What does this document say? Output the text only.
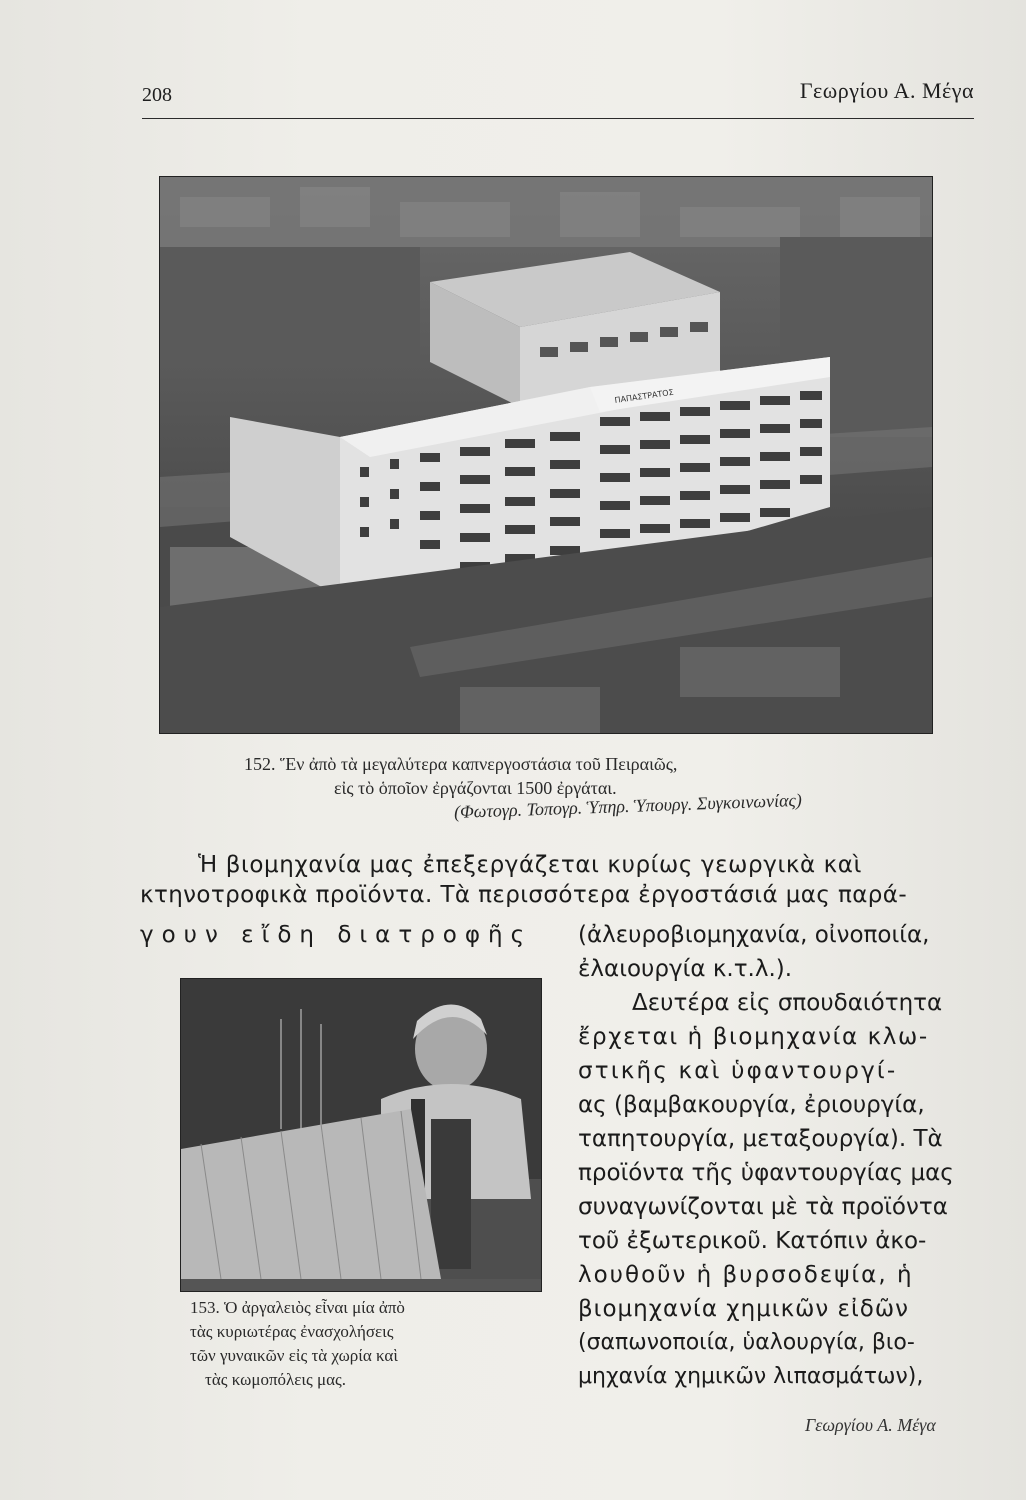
208	Γεωργίου Α. Μέγα
ΠΑΠΑΣΤΡΑΤΟΣ
152. Ἕν ἀπὸ τὰ μεγαλύτερα καπνεργοστάσια τοῦ Πειραιῶς,
εἰς τὸ ὁποῖον ἐργάζονται 1500 ἐργάται.
(Φωτογρ. Τοπογρ. Ὑπηρ. Ὑπουργ. Συγκοινωνίας)
Ἡ βιομηχανία μας ἐπεξεργάζεται κυρίως γεωργικὰ καὶ
κτηνοτροφικὰ προϊόντα. Τὰ περισσότερα ἐργοστάσιά μας παρά-
γουν εἴδη διατροφῆς (ἀλευροβιομηχανία, οἰνοποιία,
ἐλαιουργία κ.τ.λ.).
Δευτέρα εἰς σπουδαιότητα
ἔρχεται ἡ βιομηχανία κλω-
στικῆς καὶ ὑφαντουργί-
ας (βαμβακουργία, ἐριουργία,
ταπητουργία, μεταξουργία). Τὰ
προϊόντα τῆς ὑφαντουργίας μας
συναγωνίζονται μὲ τὰ προϊόντα
τοῦ ἐξωτερικοῦ. Κατόπιν ἀκο-
λουθοῦν ἡ βυρσοδεψία, ἡ
βιομηχανία χημικῶν εἰδῶν
(σαπωνοποιία, ὑαλουργία, βιο-
μηχανία χημικῶν λιπασμάτων),
153. Ὁ ἀργαλειὸς εἶναι μία ἀπὸ
τὰς κυριωτέρας ἐνασχολήσεις
τῶν γυναικῶν εἰς τὰ χωρία καὶ
τὰς κωμοπόλεις μας.
Γεωργίου Α. Μέγα
